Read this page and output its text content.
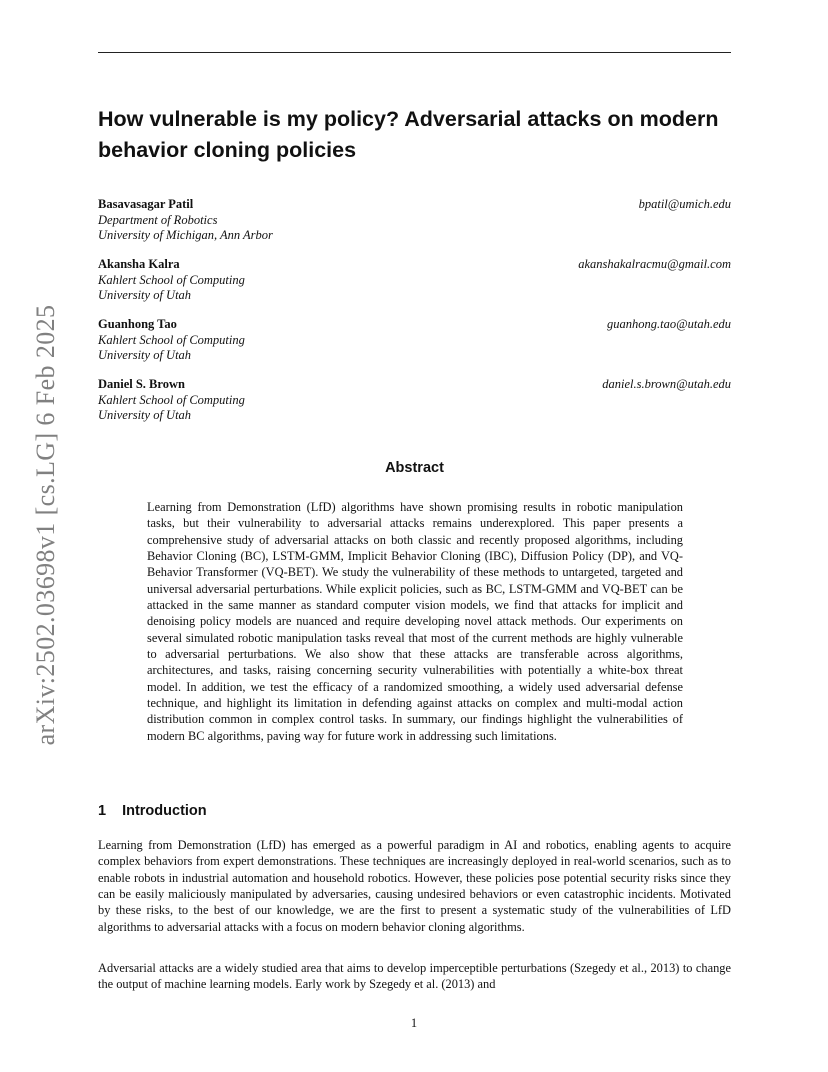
arXiv:2502.03698v1 [cs.LG] 6 Feb 2025
How vulnerable is my policy? Adversarial attacks on modern behavior cloning policies
Basavasagar Patil
Department of Robotics
University of Michigan, Ann Arbor
bpatil@umich.edu
Akansha Kalra
Kahlert School of Computing
University of Utah
akanshakalracmu@gmail.com
Guanhong Tao
Kahlert School of Computing
University of Utah
guanhong.tao@utah.edu
Daniel S. Brown
Kahlert School of Computing
University of Utah
daniel.s.brown@utah.edu
Abstract
Learning from Demonstration (LfD) algorithms have shown promising results in robotic manipulation tasks, but their vulnerability to adversarial attacks remains underexplored. This paper presents a comprehensive study of adversarial attacks on both classic and recently proposed algorithms, including Behavior Cloning (BC), LSTM-GMM, Implicit Behavior Cloning (IBC), Diffusion Policy (DP), and VQ-Behavior Transformer (VQ-BET). We study the vulnerability of these methods to untargeted, targeted and universal adversarial perturbations. While explicit policies, such as BC, LSTM-GMM and VQ-BET can be attacked in the same manner as standard computer vision models, we find that attacks for implicit and denoising policy models are nuanced and require developing novel attack methods. Our experiments on several simulated robotic manipulation tasks reveal that most of the current methods are highly vulnerable to adversarial perturbations. We also show that these attacks are transferable across algorithms, architectures, and tasks, raising concerning security vulnerabilities with potentially a white-box threat model. In addition, we test the efficacy of a randomized smoothing, a widely used adversarial defense technique, and highlight its limitation in defending against attacks on complex and multi-modal action distribution common in complex control tasks. In summary, our findings highlight the vulnerabilities of modern BC algorithms, paving way for future work in addressing such limitations.
1 Introduction
Learning from Demonstration (LfD) has emerged as a powerful paradigm in AI and robotics, enabling agents to acquire complex behaviors from expert demonstrations. These techniques are increasingly deployed in real-world scenarios, such as to enable robots in industrial automation and household robotics. However, these policies pose potential security risks since they can be easily maliciously manipulated by adversaries, causing undesired behaviors or even catastrophic incidents. Motivated by these risks, to the best of our knowledge, we are the first to present a systematic study of the vulnerabilities of LfD algorithms to adversarial attacks with a focus on modern behavior cloning algorithms.
Adversarial attacks are a widely studied area that aims to develop imperceptible perturbations (Szegedy et al., 2013) to change the output of machine learning models. Early work by Szegedy et al. (2013) and
1
